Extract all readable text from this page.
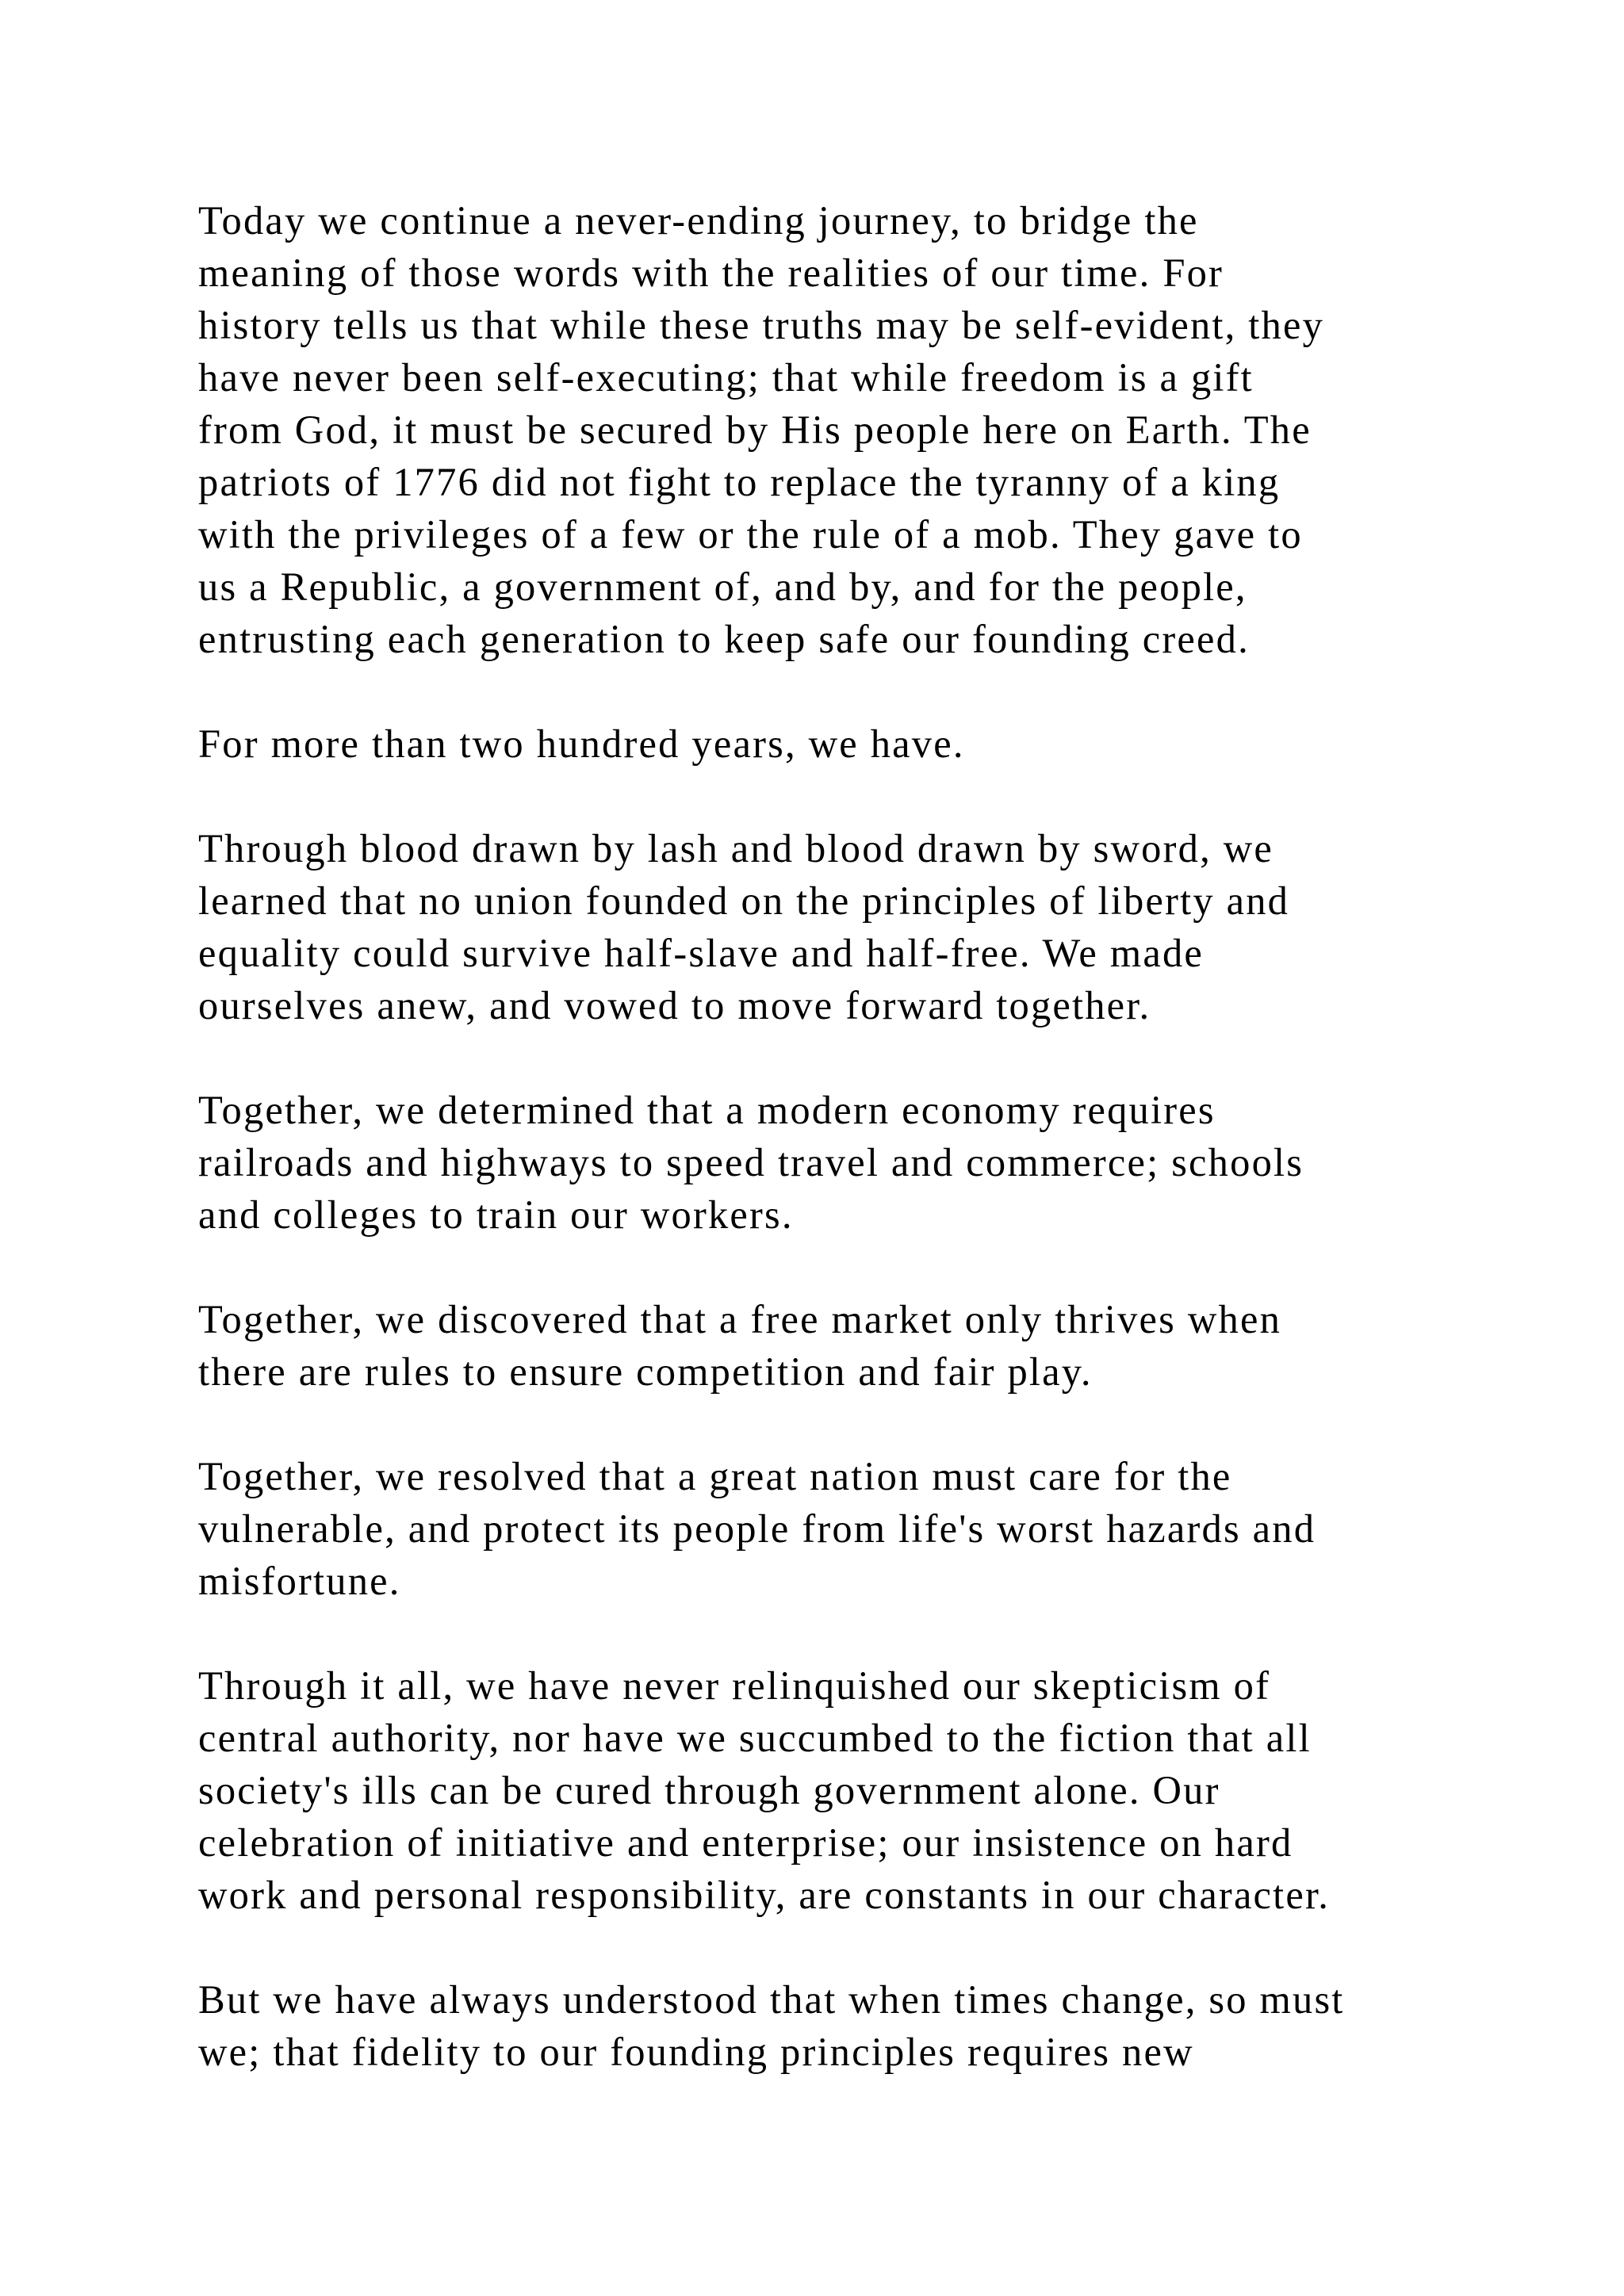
Today we continue a never-ending journey, to bridge the
meaning of those words with the realities of our time. For
history tells us that while these truths may be self-evident, they
have never been self-executing; that while freedom is a gift
from God, it must be secured by His people here on Earth. The
patriots of 1776 did not fight to replace the tyranny of a king
with the privileges of a few or the rule of a mob. They gave to
us a Republic, a government of, and by, and for the people,
entrusting each generation to keep safe our founding creed.
For more than two hundred years, we have.
Through blood drawn by lash and blood drawn by sword, we
learned that no union founded on the principles of liberty and
equality could survive half-slave and half-free. We made
ourselves anew, and vowed to move forward together.
Together, we determined that a modern economy requires
railroads and highways to speed travel and commerce; schools
and colleges to train our workers.
Together, we discovered that a free market only thrives when
there are rules to ensure competition and fair play.
Together, we resolved that a great nation must care for the
vulnerable, and protect its people from life's worst hazards and
misfortune.
Through it all, we have never relinquished our skepticism of
central authority, nor have we succumbed to the fiction that all
society's ills can be cured through government alone. Our
celebration of initiative and enterprise; our insistence on hard
work and personal responsibility, are constants in our character.
But we have always understood that when times change, so must
we; that fidelity to our founding principles requires new
